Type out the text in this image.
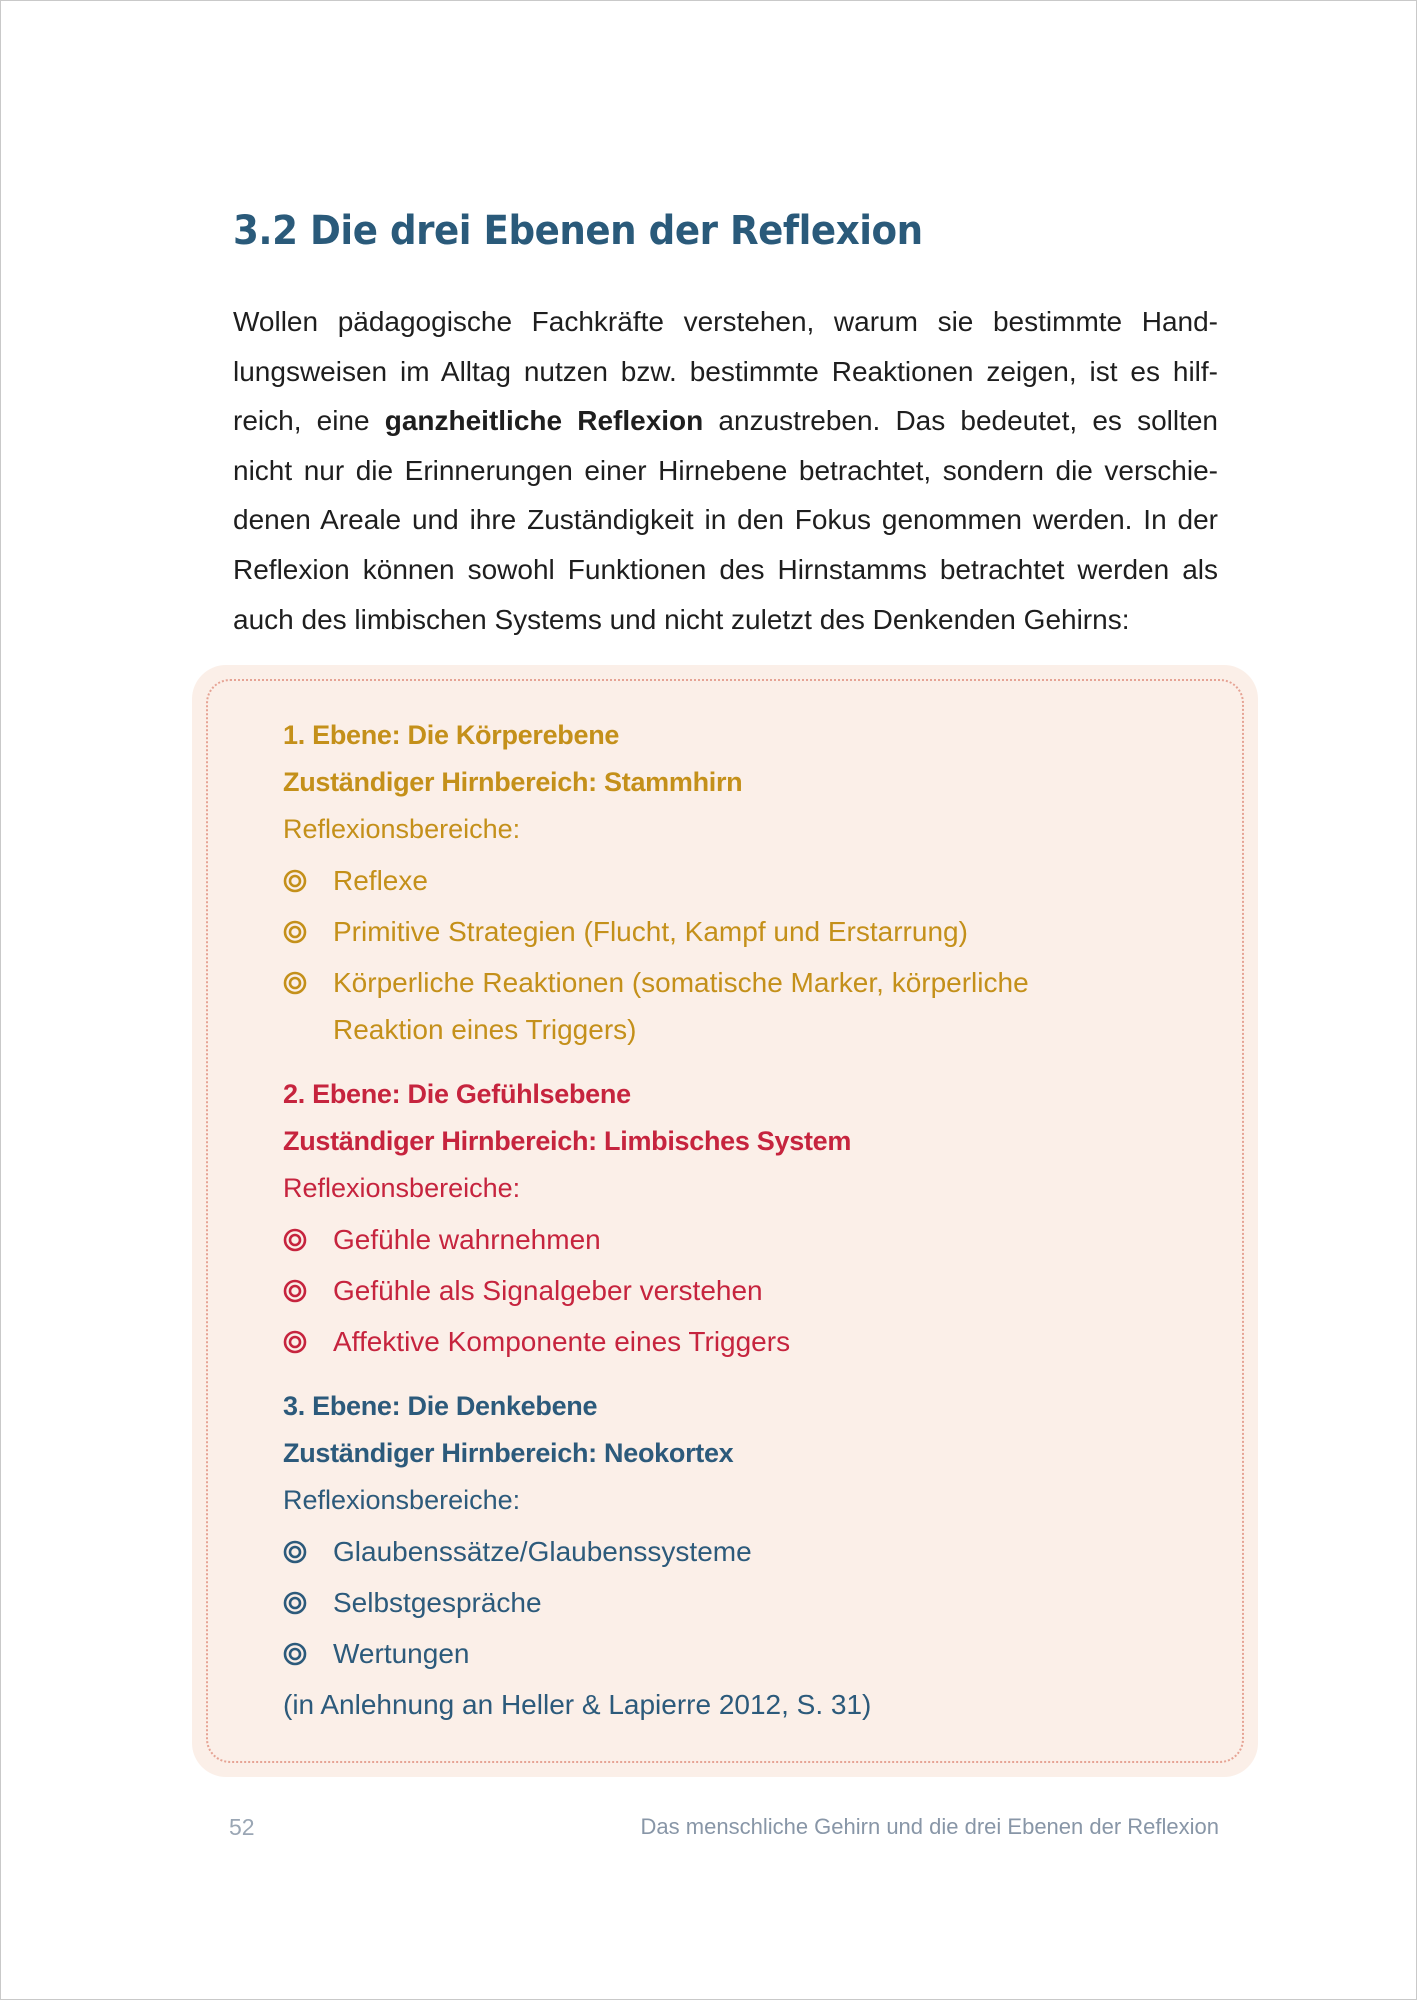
3.2 Die drei Ebenen der Reflexion

Wollen pädagogische Fachkräfte verstehen, warum sie bestimmte Hand-
lungsweisen im Alltag nutzen bzw. bestimmte Reaktionen zeigen, ist es hilf-
reich, eine ganzheitliche Reflexion anzustreben. Das bedeutet, es sollten
nicht nur die Erinnerungen einer Hirnebene betrachtet, sondern die verschie-
denen Areale und ihre Zuständigkeit in den Fokus genommen werden. In der
Reflexion können sowohl Funktionen des Hirnstamms betrachtet werden als
auch des limbischen Systems und nicht zuletzt des Denkenden Gehirns:

1. Ebene: Die Körperebene

Zuständiger Hirnbereich: Stammhirn

Reflexionsbereiche:

Reflexe
Primitive Strategien (Flucht, Kampf und Erstarrung)
Körperliche Reaktionen (somatische Marker, körperliche Reaktion eines Triggers)

2. Ebene: Die Gefühlsebene

Zuständiger Hirnbereich: Limbisches System

Reflexionsbereiche:

Gefühle wahrnehmen
Gefühle als Signalgeber verstehen
Affektive Komponente eines Triggers

3. Ebene: Die Denkebene

Zuständiger Hirnbereich: Neokortex

Reflexionsbereiche:

Glaubenssätze/Glaubenssysteme
Selbstgespräche
Wertungen

(in Anlehnung an Heller & Lapierre 2012, S. 31)

52	Das menschliche Gehirn und die drei Ebenen der Reflexion
